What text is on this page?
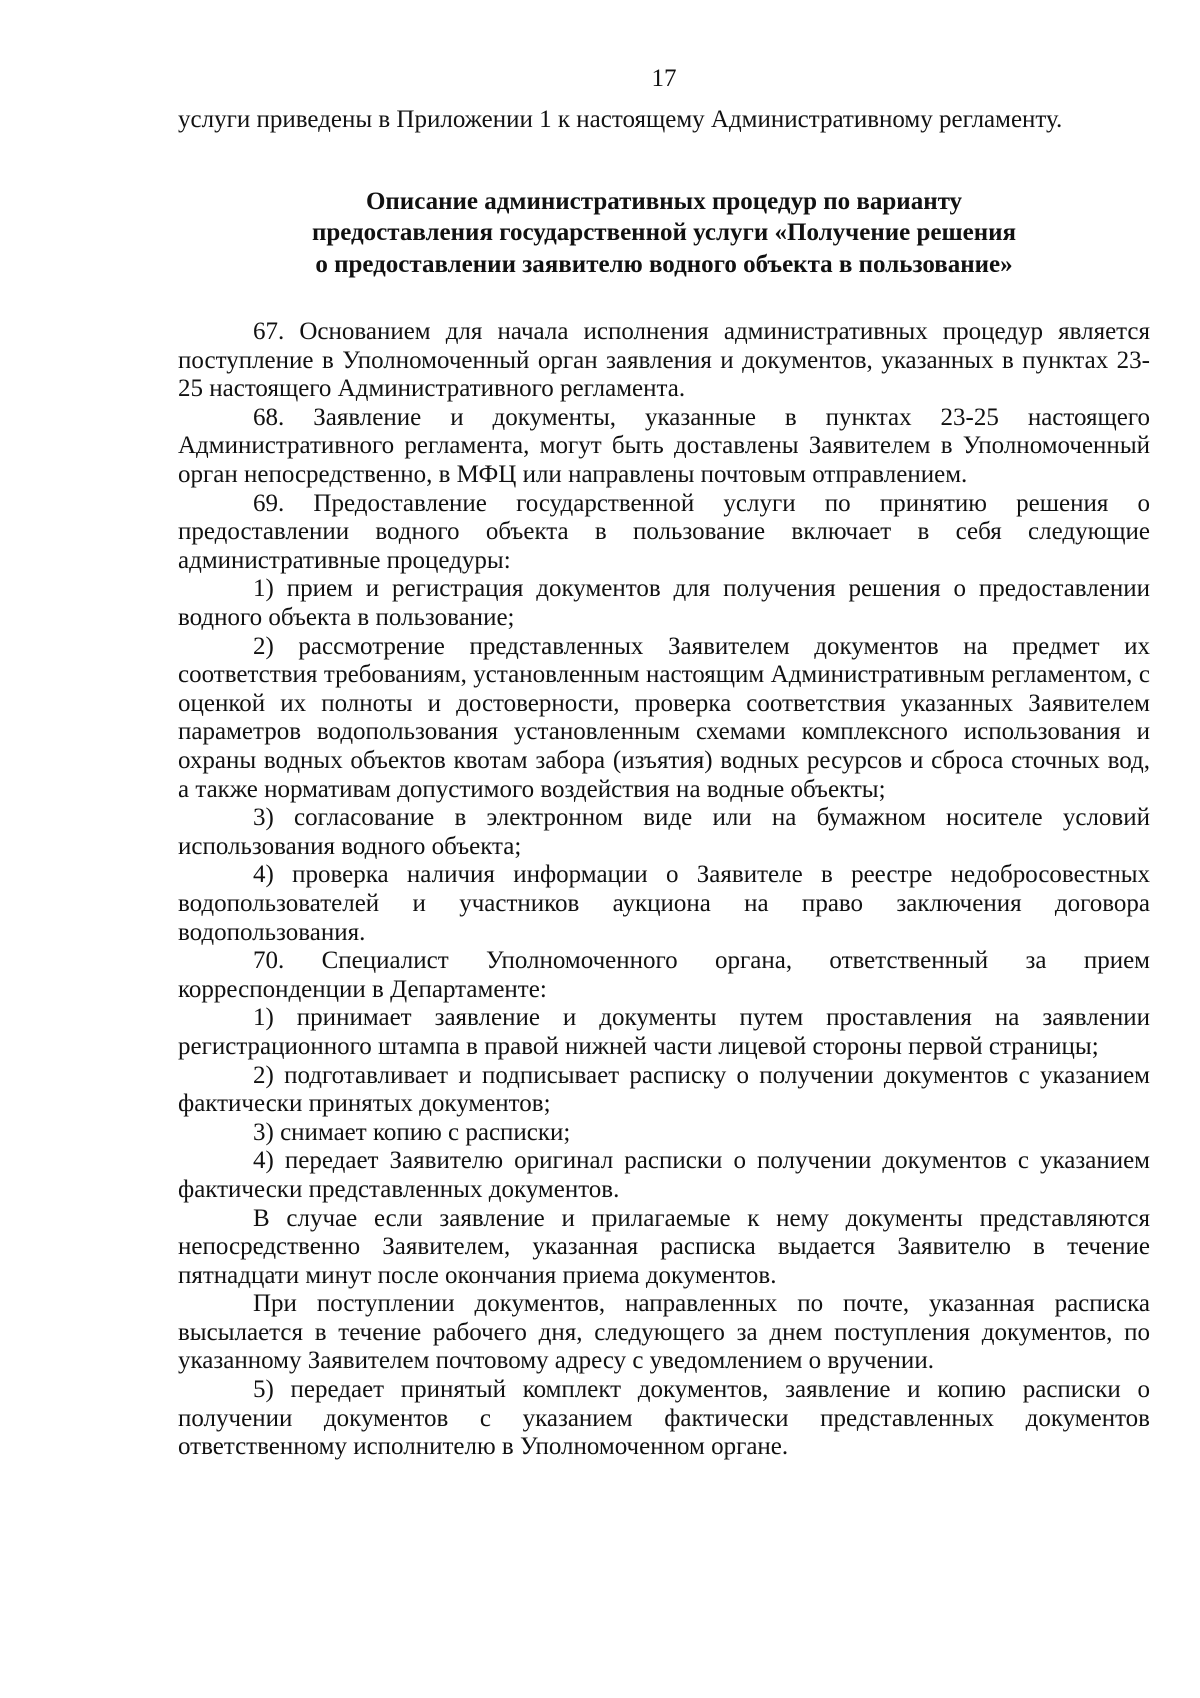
17

услуги приведены в Приложении 1 к настоящему Административному регламенту.

Описание административных процедур по варианту
предоставления государственной услуги «Получение решения
о предоставлении заявителю водного объекта в пользование»

67. Основанием для начала исполнения административных процедур является поступление в Уполномоченный орган заявления и документов, указанных в пунктах 23-25 настоящего Административного регламента.

68. Заявление и документы, указанные в пунктах 23-25 настоящего Административного регламента, могут быть доставлены Заявителем в Уполномоченный орган непосредственно, в МФЦ или направлены почтовым отправлением.

69. Предоставление государственной услуги по принятию решения о предоставлении водного объекта в пользование включает в себя следующие административные процедуры:

1) прием и регистрация документов для получения решения о предоставлении водного объекта в пользование;

2) рассмотрение представленных Заявителем документов на предмет их соответствия требованиям, установленным настоящим Административным регламентом, с оценкой их полноты и достоверности, проверка соответствия указанных Заявителем параметров водопользования установленным схемами комплексного использования и охраны водных объектов квотам забора (изъятия) водных ресурсов и сброса сточных вод, а также нормативам допустимого воздействия на водные объекты;

3) согласование в электронном виде или на бумажном носителе условий использования водного объекта;

4) проверка наличия информации о Заявителе в реестре недобросовестных водопользователей и участников аукциона на право заключения договора водопользования.

70. Специалист Уполномоченного органа, ответственный за прием корреспонденции в Департаменте:

1) принимает заявление и документы путем проставления на заявлении регистрационного штампа в правой нижней части лицевой стороны первой страницы;

2) подготавливает и подписывает расписку о получении документов с указанием фактически принятых документов;

3) снимает копию с расписки;

4) передает Заявителю оригинал расписки о получении документов с указанием фактически представленных документов.

В случае если заявление и прилагаемые к нему документы представляются непосредственно Заявителем, указанная расписка выдается Заявителю в течение пятнадцати минут после окончания приема документов.

При поступлении документов, направленных по почте, указанная расписка высылается в течение рабочего дня, следующего за днем поступления документов, по указанному Заявителем почтовому адресу с уведомлением о вручении.

5) передает принятый комплект документов, заявление и копию расписки о получении документов с указанием фактически представленных документов ответственному исполнителю в Уполномоченном органе.
